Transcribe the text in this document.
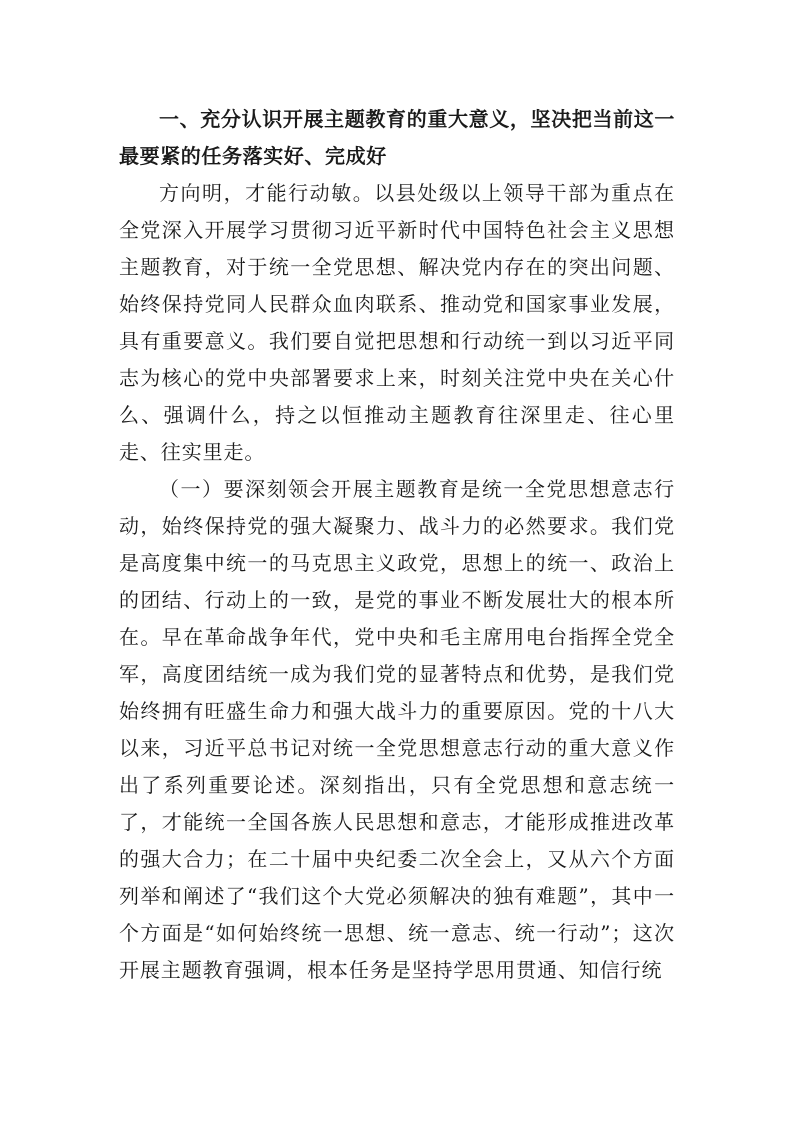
一、充分认识开展主题教育的重大意义，坚决把当前这一最要紧的任务落实好、完成好

方向明，才能行动敏。以县处级以上领导干部为重点在全党深入开展学习贯彻习近平新时代中国特色社会主义思想主题教育，对于统一全党思想、解决党内存在的突出问题、始终保持党同人民群众血肉联系、推动党和国家事业发展，具有重要意义。我们要自觉把思想和行动统一到以习近平同志为核心的党中央部署要求上来，时刻关注党中央在关心什么、强调什么，持之以恒推动主题教育往深里走、往心里走、往实里走。

（一）要深刻领会开展主题教育是统一全党思想意志行动，始终保持党的强大凝聚力、战斗力的必然要求。我们党是高度集中统一的马克思主义政党，思想上的统一、政治上的团结、行动上的一致，是党的事业不断发展壮大的根本所在。早在革命战争年代，党中央和毛主席用电台指挥全党全军，高度团结统一成为我们党的显著特点和优势，是我们党始终拥有旺盛生命力和强大战斗力的重要原因。党的十八大以来，习近平总书记对统一全党思想意志行动的重大意义作出了系列重要论述。深刻指出，只有全党思想和意志统一了，才能统一全国各族人民思想和意志，才能形成推进改革的强大合力；在二十届中央纪委二次全会上，又从六个方面列举和阐述了“我们这个大党必须解决的独有难题”，其中一个方面是“如何始终统一思想、统一意志、统一行动”；这次开展主题教育强调，根本任务是坚持学思用贯通、知信行统
